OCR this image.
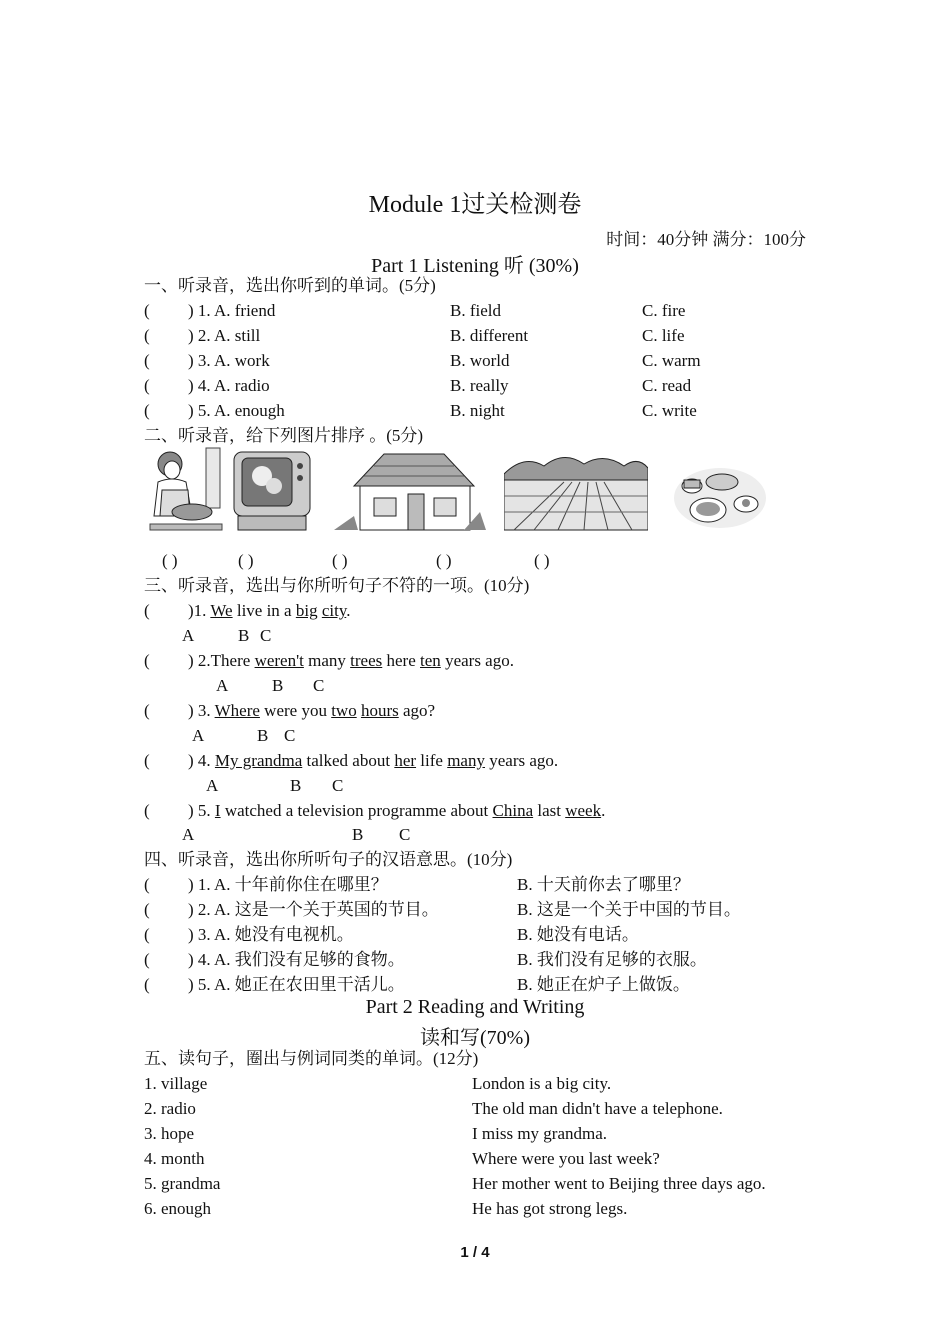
Module 1过关检测卷
时间：40分钟 满分：100分
Part 1 Listening 听 (30%)
一、听录音，选出你听到的单词。(5分)
( ) 1. A. friend	B. field	C. fire
( ) 2. A. still	B. different	C. life
( ) 3. A. work	B. world	C. warm
( ) 4. A. radio	B. really	C. read
( ) 5. A. enough	B. night	C. write
二、听录音，给下列图片排序 。(5分)
( )	( )	( )	( )	( )
三、听录音，选出与你所听句子不符的一项。(10分)
( )1. We live in a big city.
A	B C
( ) 2.There weren't many trees here ten years ago.
A	B C
( ) 3. Where were you two hours ago?
A	B C
( ) 4. My grandma talked about her life many years ago.
A	B C
( ) 5. I watched a television programme about China last week.
A	B C
四、听录音，选出你所听句子的汉语意思。(10分)
( ) 1. A. 十年前你住在哪里？	B. 十天前你去了哪里？
( ) 2. A. 这是一个关于英国的节目。	B. 这是一个关于中国的节目。
( ) 3. A. 她没有电视机。	B. 她没有电话。
( ) 4. A. 我们没有足够的食物。	B. 我们没有足够的衣服。
( ) 5. A. 她正在农田里干活儿。	B. 她正在炉子上做饭。
Part 2 Reading and Writing
读和写(70%)
五、读句子，圈出与例词同类的单词。(12分)
1. village	London is a big city.
2. radio	The old man didn't have a telephone.
3. hope	I miss my grandma.
4. month	Where were you last week?
5. grandma	Her mother went to Beijing three days ago.
6. enough	He has got strong legs.
1 / 4
